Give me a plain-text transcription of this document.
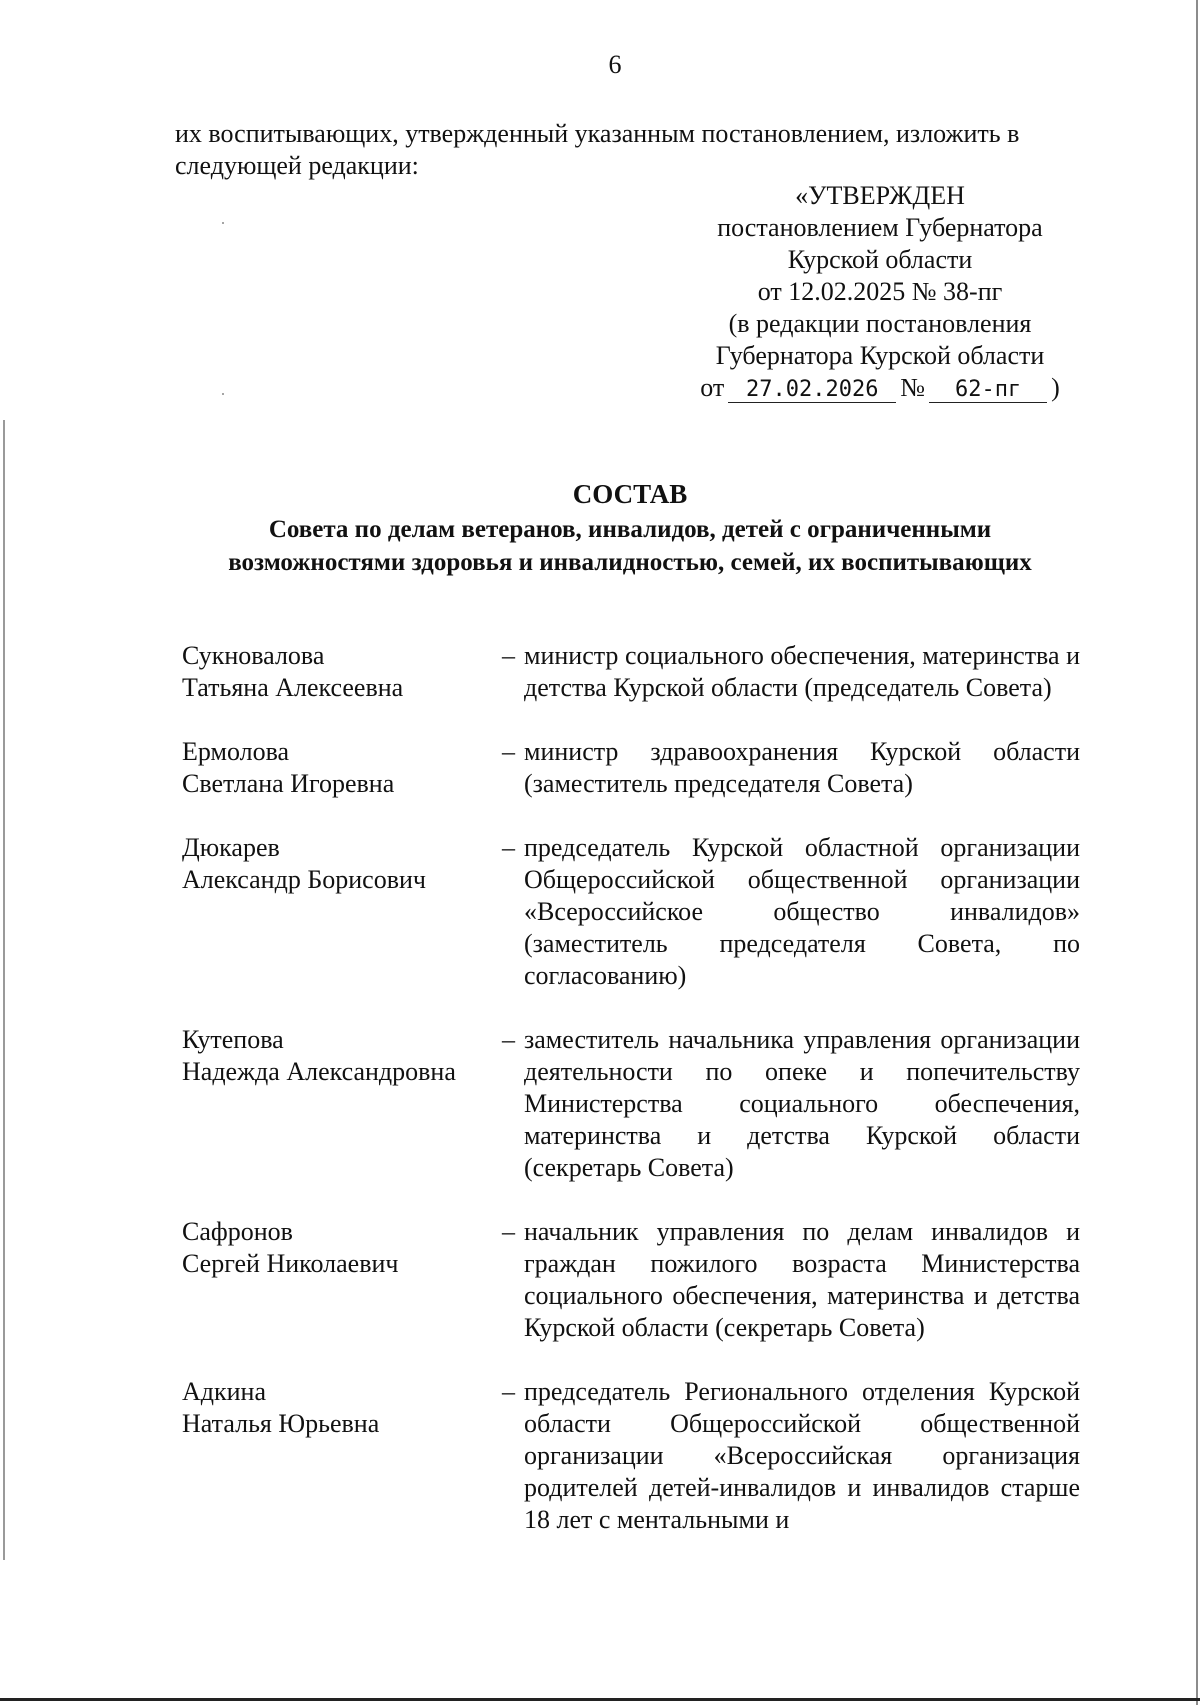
6
их воспитывающих, утвержденный указанным постановлением, изложить в следующей редакции:
«УТВЕРЖДЕН
постановлением Губернатора
Курской области
от 12.02.2025 № 38-пг
(в редакции постановления
Губернатора Курской области
от 27.02.2026 №	62-пг	)
СОСТАВ
Совета по делам ветеранов, инвалидов, детей с ограниченными
возможностями здоровья и инвалидностью, семей, их воспитывающих
Сукновалова
Татьяна Алексеевна
– министр социального обеспечения, материнства и детства Курской области (председатель Совета)
Ермолова
Светлана Игоревна
– министр здравоохранения Курской области (заместитель председателя Совета)
Дюкарев
Александр Борисович
– председатель Курской областной организации Общероссийской общественной организации «Всероссийское общество инвалидов» (заместитель председателя Совета, по согласованию)
Кутепова
Надежда Александровна
– заместитель начальника управления организации деятельности по опеке и попечительству Министерства социального обеспечения, материнства и детства Курской области (секретарь Совета)
Сафронов
Сергей Николаевич
– начальник управления по делам инвалидов и граждан пожилого возраста Министерства социального обеспечения, материнства и детства Курской области (секретарь Совета)
Адкина
Наталья Юрьевна
– председатель Регионального отделения Курской области Общероссийской общественной организации «Всероссийская организация родителей детей-инвалидов и инвалидов старше 18 лет с ментальными и
